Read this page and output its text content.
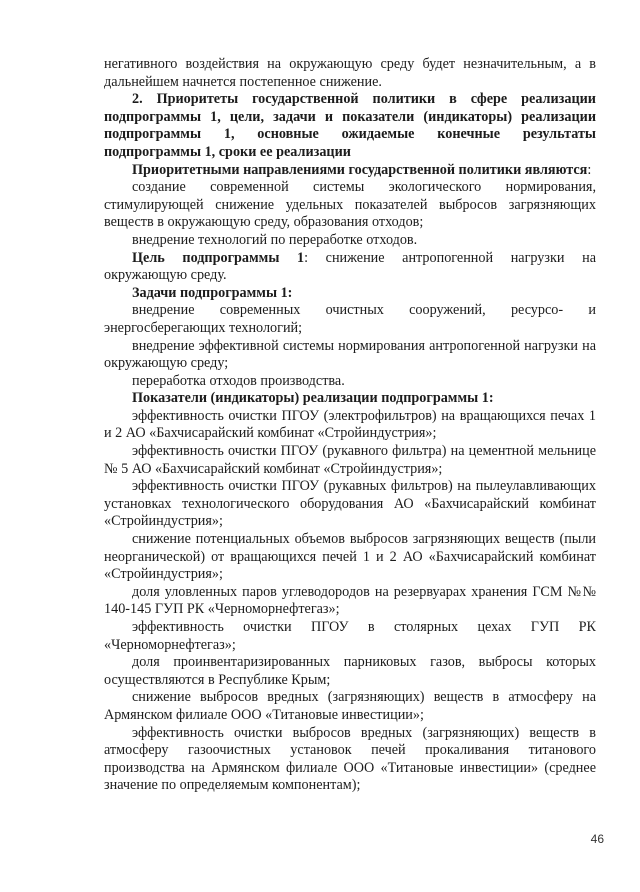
негативного воздействия на окружающую среду будет незначительным, а в дальнейшем начнется постепенное снижение.

2. Приоритеты государственной политики в сфере реализации подпрограммы 1, цели, задачи и показатели (индикаторы) реализации подпрограммы 1, основные ожидаемые конечные результаты подпрограммы 1, сроки ее реализации

Приоритетными направлениями государственной политики являются:

создание современной системы экологического нормирования, стимулирующей снижение удельных показателей выбросов загрязняющих веществ в окружающую среду, образования отходов;

внедрение технологий по переработке отходов.

Цель подпрограммы 1: снижение антропогенной нагрузки на окружающую среду.

Задачи подпрограммы 1:

внедрение современных очистных сооружений, ресурсо- и энергосберегающих технологий;

внедрение эффективной системы нормирования антропогенной нагрузки на окружающую среду;

переработка отходов производства.

Показатели (индикаторы) реализации подпрограммы 1:

эффективность очистки ПГОУ (электрофильтров) на вращающихся печах 1 и 2 АО «Бахчисарайский комбинат «Стройиндустрия»;

эффективность очистки ПГОУ (рукавного фильтра) на цементной мельнице № 5 АО «Бахчисарайский комбинат «Стройиндустрия»;

эффективность очистки ПГОУ (рукавных фильтров) на пылеулавливающих установках технологического оборудования АО «Бахчисарайский комбинат «Стройиндустрия»;

снижение потенциальных объемов выбросов загрязняющих веществ (пыли неорганической) от вращающихся печей 1 и 2 АО «Бахчисарайский комбинат «Стройиндустрия»;

доля уловленных паров углеводородов на резервуарах хранения ГСМ №№ 140-145 ГУП РК «Черноморнефтегаз»;

эффективность очистки ПГОУ в столярных цехах ГУП РК «Черноморнефтегаз»;

доля проинвентаризированных парниковых газов, выбросы которых осуществляются в Республике Крым;

снижение выбросов вредных (загрязняющих) веществ в атмосферу на Армянском филиале ООО «Титановые инвестиции»;

эффективность очистки выбросов вредных (загрязняющих) веществ в атмосферу газоочистных установок печей прокаливания титанового производства на Армянском филиале ООО «Титановые инвестиции» (среднее значение по определяемым компонентам);

46
